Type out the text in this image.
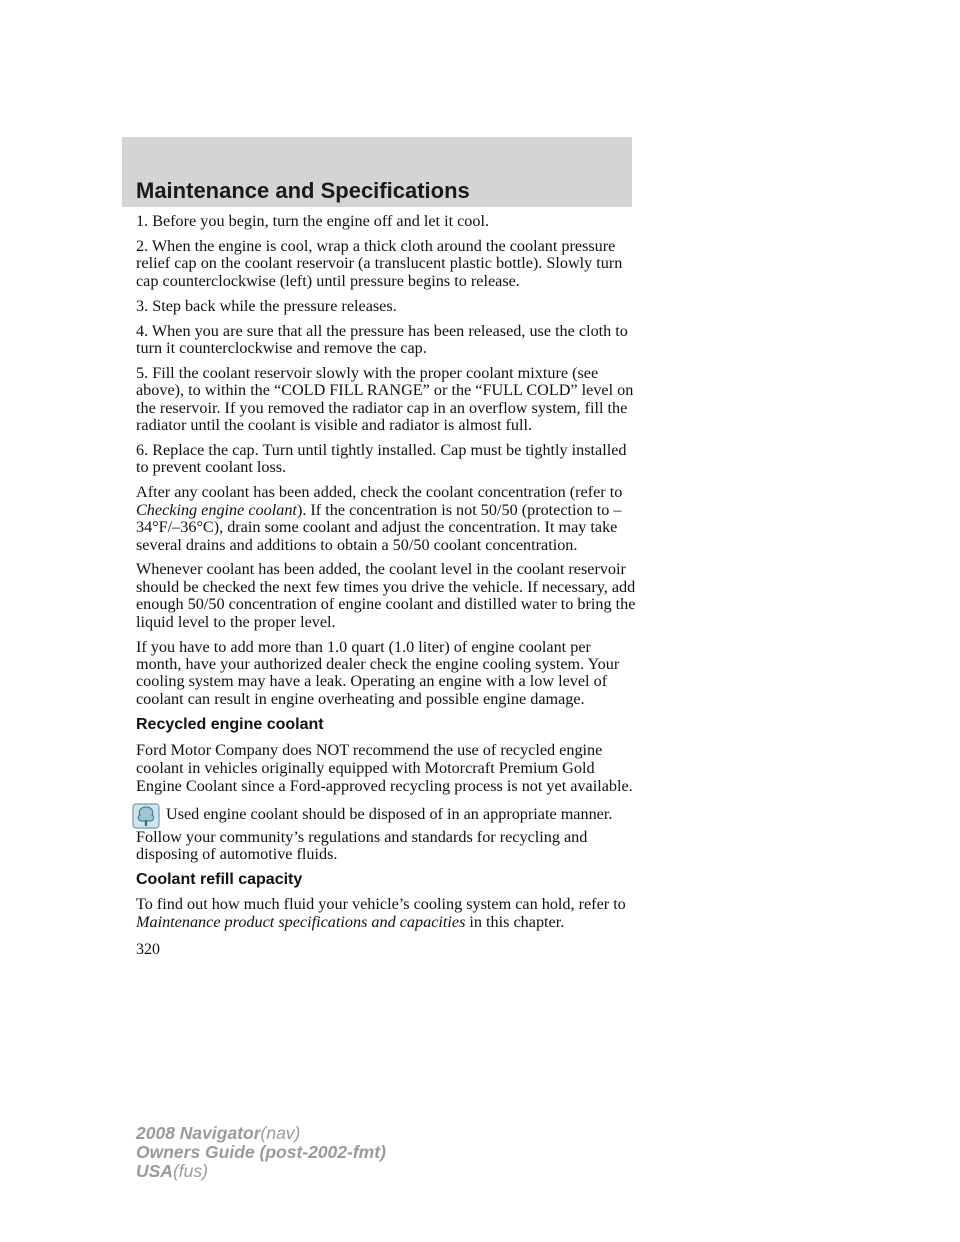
Maintenance and Specifications

1. Before you begin, turn the engine off and let it cool.

2. When the engine is cool, wrap a thick cloth around the coolant pressure relief cap on the coolant reservoir (a translucent plastic bottle). Slowly turn cap counterclockwise (left) until pressure begins to release.

3. Step back while the pressure releases.

4. When you are sure that all the pressure has been released, use the cloth to turn it counterclockwise and remove the cap.

5. Fill the coolant reservoir slowly with the proper coolant mixture (see above), to within the “COLD FILL RANGE” or the “FULL COLD” level on the reservoir. If you removed the radiator cap in an overflow system, fill the radiator until the coolant is visible and radiator is almost full.

6. Replace the cap. Turn until tightly installed. Cap must be tightly installed to prevent coolant loss.

After any coolant has been added, check the coolant concentration (refer to Checking engine coolant). If the concentration is not 50/50 (protection to –34°F/–36°C), drain some coolant and adjust the concentration. It may take several drains and additions to obtain a 50/50 coolant concentration.

Whenever coolant has been added, the coolant level in the coolant reservoir should be checked the next few times you drive the vehicle. If necessary, add enough 50/50 concentration of engine coolant and distilled water to bring the liquid level to the proper level.

If you have to add more than 1.0 quart (1.0 liter) of engine coolant per month, have your authorized dealer check the engine cooling system. Your cooling system may have a leak. Operating an engine with a low level of coolant can result in engine overheating and possible engine damage.

Recycled engine coolant

Ford Motor Company does NOT recommend the use of recycled engine coolant in vehicles originally equipped with Motorcraft Premium Gold Engine Coolant since a Ford-approved recycling process is not yet available.

Used engine coolant should be disposed of in an appropriate manner. Follow your community’s regulations and standards for recycling and disposing of automotive fluids.

Coolant refill capacity

To find out how much fluid your vehicle’s cooling system can hold, refer to Maintenance product specifications and capacities in this chapter.

320
2008 Navigator(nav)
Owners Guide (post-2002-fmt)
USA(fus)
